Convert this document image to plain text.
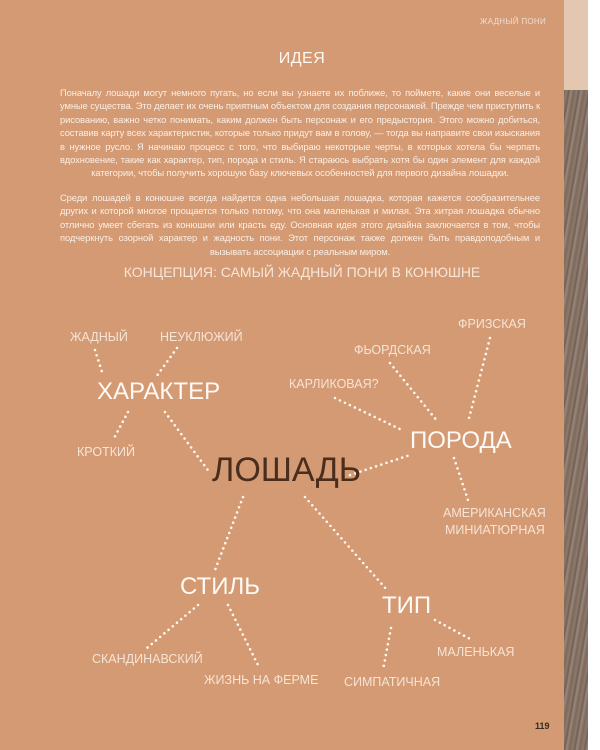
ЖАДНЫЙ ПОНИ
ИДЕЯ

Поначалу лошади могут немного пугать, но если вы узнаете их поближе, то поймете, какие они веселые и умные существа. Это делает их очень приятным объектом для создания персонажей. Прежде чем приступить к рисованию, важно четко понимать, каким должен быть персонаж и его предыстория. Этого можно добиться, составив карту всех характеристик, которые только придут вам в голову, — тогда вы направите свои изыскания в нужное русло. Я начинаю процесс с того, что выбираю некоторые черты, в которых хотела бы черпать вдохновение, такие как характер, тип, порода и стиль. Я стараюсь выбрать хотя бы один элемент для каждой категории, чтобы получить хорошую базу ключевых особенностей для первого дизайна лошадки.

Среди лошадей в конюшне всегда найдется одна небольшая лошадка, которая кажется сообразительнее других и которой многое прощается только потому, что она маленькая и милая. Эта хитрая лошадка обычно отлично умеет сбегать из конюшни или красть еду. Основная идея этого дизайна заключается в том, чтобы подчеркнуть озорной характер и жадность пони. Этот персонаж также должен быть правдоподобным и вызывать ассоциации с реальным миром.

КОНЦЕПЦИЯ: САМЫЙ ЖАДНЫЙ ПОНИ В КОНЮШНЕ
ЖАДНЫЙ	НЕУКЛЮЖИЙ
ХАРАКТЕР
КРОТКИЙ ЛОШАДЬ
ФРИЗСКАЯ
ФЬОРДСКАЯ
КАРЛИКОВАЯ?
ПОРОДА
АМЕРИКАНСКАЯ
МИНИАТЮРНАЯ
СТИЛЬ
СКАНДИНАВСКИЙ
ЖИЗНЬ НА ФЕРМЕ
ТИП
СИМПАТИЧНАЯ
МАЛЕНЬКАЯ
119
